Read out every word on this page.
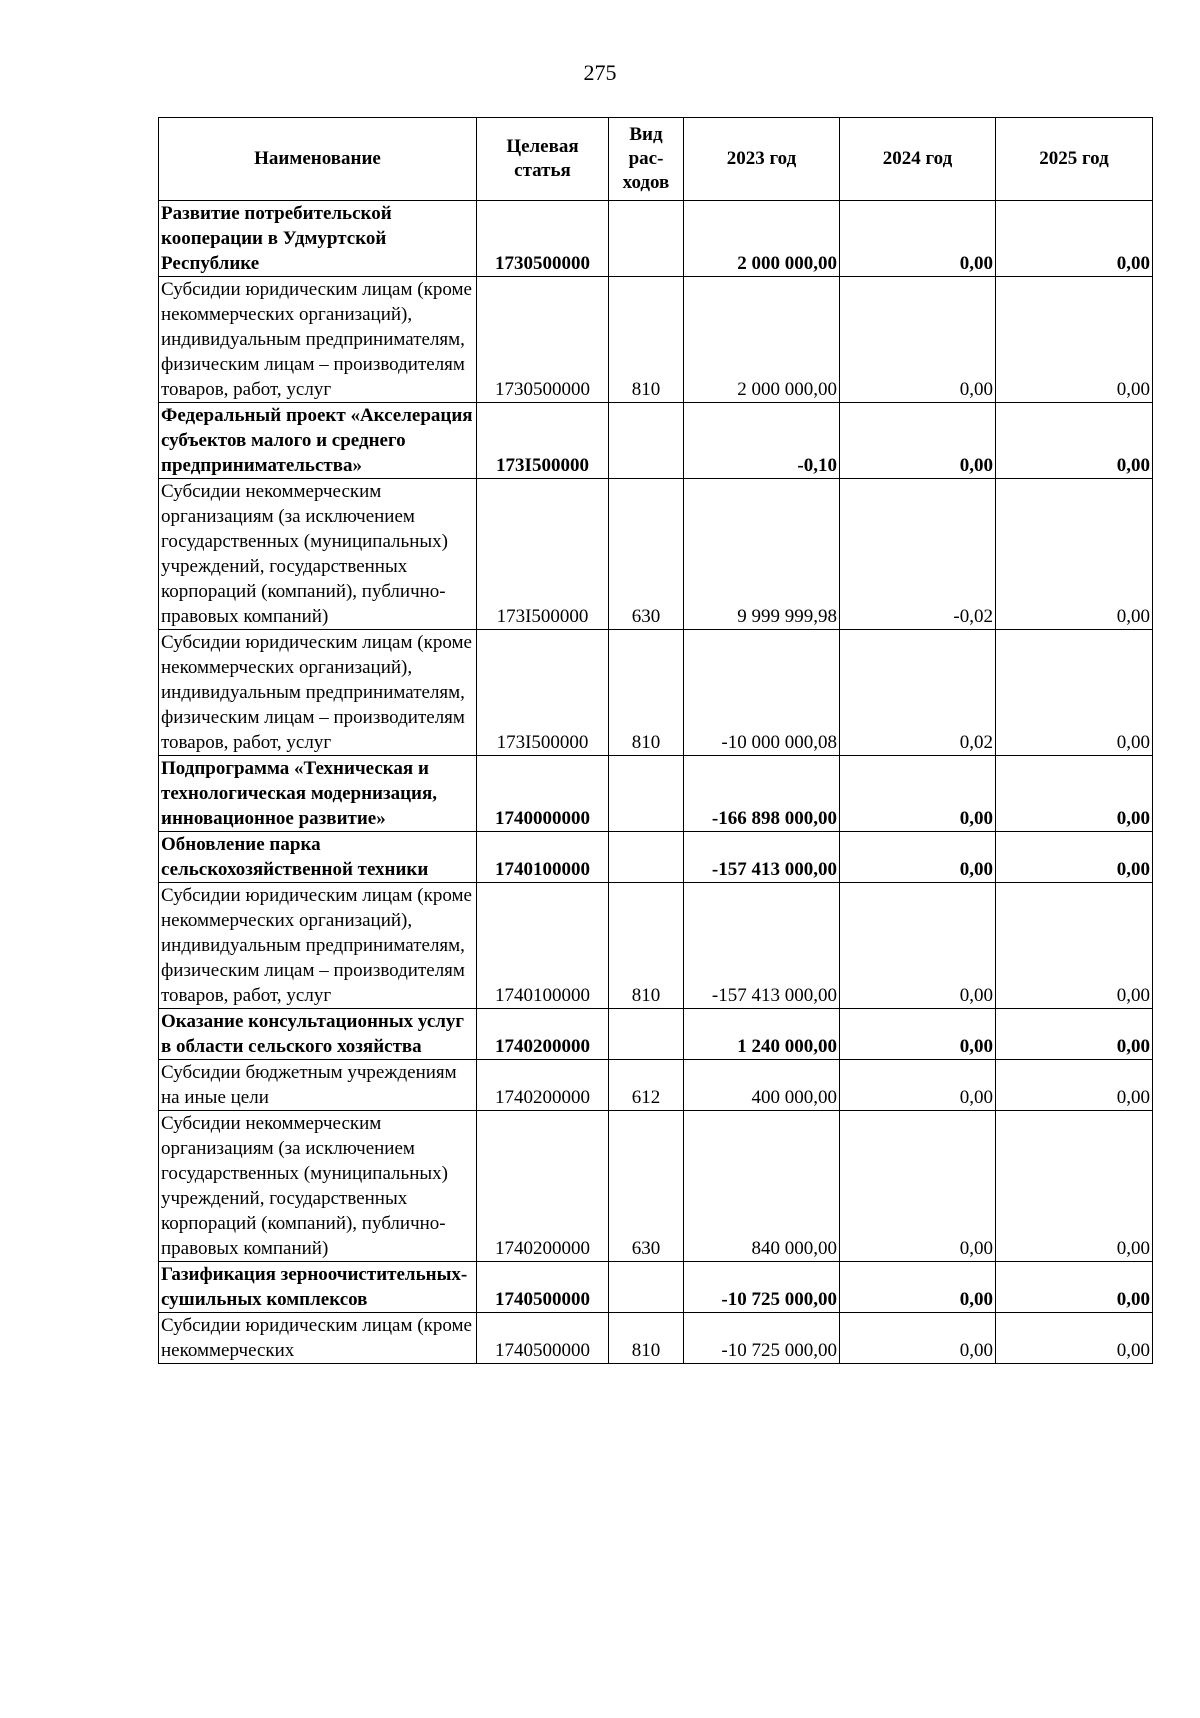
275
Наименование	Целевая статья	Вид рас-ходов	2023 год	2024 год	2025 год
Развитие потребительской кооперации в Удмуртской Республике	1730500000		2 000 000,00	0,00	0,00
Субсидии юридическим лицам (кроме некоммерческих организаций), индивидуальным предпринимателям, физическим лицам – производителям товаров, работ, услуг	1730500000	810	2 000 000,00	0,00	0,00
Федеральный проект «Акселерация субъектов малого и среднего предпринимательства»	173I500000		-0,10	0,00	0,00
Субсидии некоммерческим организациям (за исключением государственных (муниципальных) учреждений, государственных корпораций (компаний), публично-правовых компаний)	173I500000	630	9 999 999,98	-0,02	0,00
Субсидии юридическим лицам (кроме некоммерческих организаций), индивидуальным предпринимателям, физическим лицам – производителям товаров, работ, услуг	173I500000	810	-10 000 000,08	0,02	0,00
Подпрограмма «Техническая и технологическая модернизация, инновационное развитие»	1740000000		-166 898 000,00	0,00	0,00
Обновление парка сельскохозяйственной техники	1740100000		-157 413 000,00	0,00	0,00
Субсидии юридическим лицам (кроме некоммерческих организаций), индивидуальным предпринимателям, физическим лицам – производителям товаров, работ, услуг	1740100000	810	-157 413 000,00	0,00	0,00
Оказание консультационных услуг в области сельского хозяйства	1740200000		1 240 000,00	0,00	0,00
Субсидии бюджетным учреждениям на иные цели	1740200000	612	400 000,00	0,00	0,00
Субсидии некоммерческим организациям (за исключением государственных (муниципальных) учреждений, государственных корпораций (компаний), публично-правовых компаний)	1740200000	630	840 000,00	0,00	0,00
Газификация зерноочистительных-сушильных комплексов	1740500000		-10 725 000,00	0,00	0,00
Субсидии юридическим лицам (кроме некоммерческих	1740500000	810	-10 725 000,00	0,00	0,00
